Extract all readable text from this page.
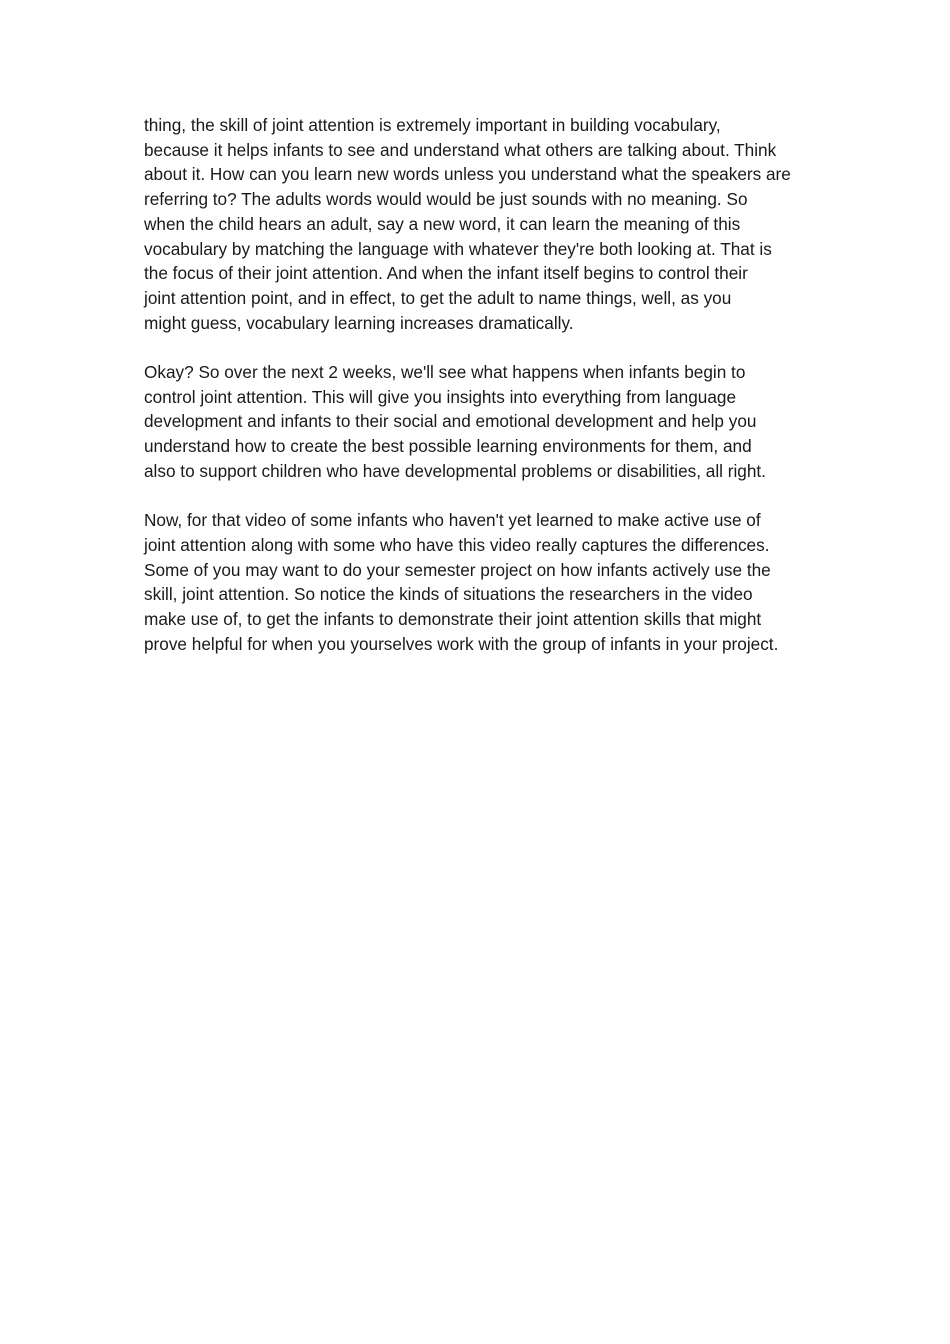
thing, the skill of joint attention is extremely important in building vocabulary,
because it helps infants to see and understand what others are talking about. Think
about it. How can you learn new words unless you understand what the speakers are
referring to? The adults words would would be just sounds with no meaning. So
when the child hears an adult, say a new word, it can learn the meaning of this
vocabulary by matching the language with whatever they're both looking at. That is
the focus of their joint attention. And when the infant itself begins to control their
joint attention point, and in effect, to get the adult to name things, well, as you
might guess, vocabulary learning increases dramatically.

Okay? So over the next 2 weeks, we'll see what happens when infants begin to
control joint attention. This will give you insights into everything from language
development and infants to their social and emotional development and help you
understand how to create the best possible learning environments for them, and
also to support children who have developmental problems or disabilities, all right.

Now, for that video of some infants who haven't yet learned to make active use of
joint attention along with some who have this video really captures the differences.
Some of you may want to do your semester project on how infants actively use the
skill, joint attention. So notice the kinds of situations the researchers in the video
make use of, to get the infants to demonstrate their joint attention skills that might
prove helpful for when you yourselves work with the group of infants in your project.
